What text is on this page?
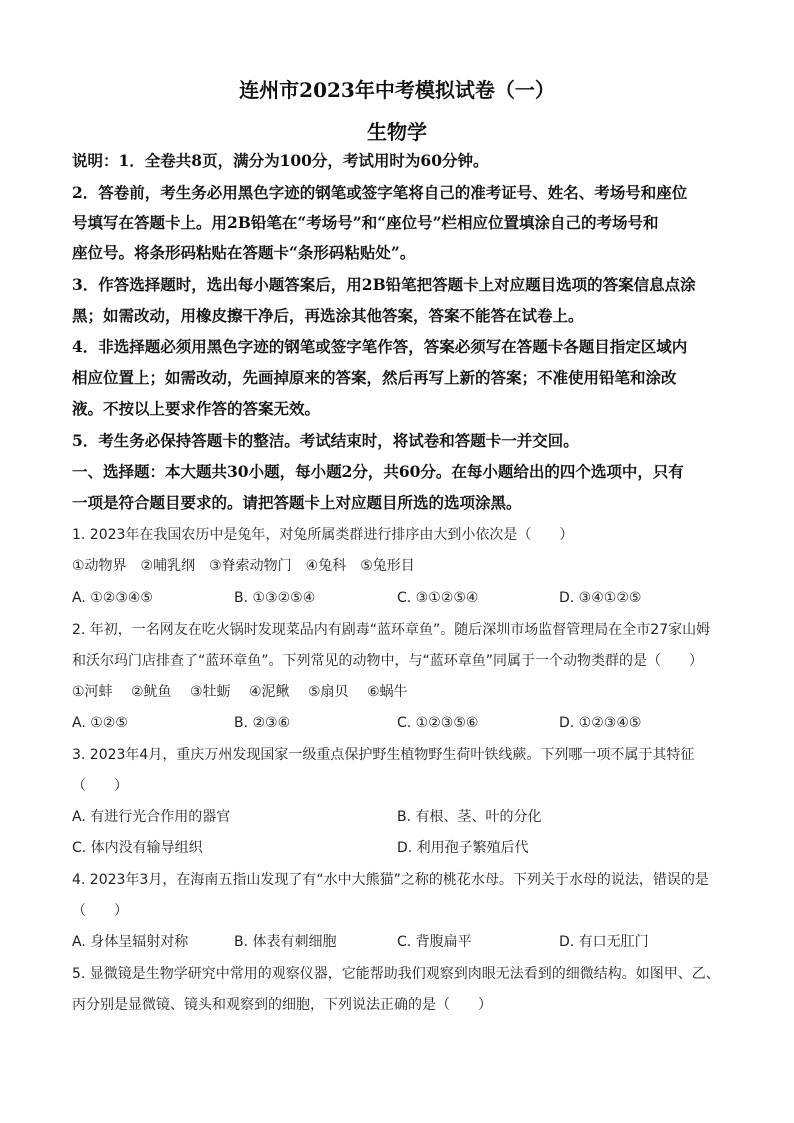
连州市2023年中考模拟试卷（一）
生物学
说明：1．全卷共8页，满分为100分，考试用时为60分钟。
2．答卷前，考生务必用黑色字迹的钢笔或签字笔将自己的准考证号、姓名、考场号和座位
号填写在答题卡上。用2B铅笔在“考场号”和“座位号”栏相应位置填涂自己的考场号和
座位号。将条形码粘贴在答题卡“条形码粘贴处”。
3．作答选择题时，选出每小题答案后，用2B铅笔把答题卡上对应题目选项的答案信息点涂
黑；如需改动，用橡皮擦干净后，再选涂其他答案，答案不能答在试卷上。
4．非选择题必须用黑色字迹的钢笔或签字笔作答，答案必须写在答题卡各题目指定区域内
相应位置上；如需改动，先画掉原来的答案，然后再写上新的答案；不准使用铅笔和涂改
液。不按以上要求作答的答案无效。
5．考生务必保持答题卡的整洁。考试结束时，将试卷和答题卡一并交回。
一、选择题：本大题共30小题，每小题2分，共60分。在每小题给出的四个选项中，只有
一项是符合题目要求的。请把答题卡上对应题目所选的选项涂黑。
1. 2023年在我国农历中是兔年，对兔所属类群进行排序由大到小依次是（　　）
①动物界　②哺乳纲　③脊索动物门　④兔科　⑤兔形目
A. ①②③④⑤	B. ①③②⑤④	C. ③①②⑤④	D. ③④①②⑤
2. 年初，一名网友在吃火锅时发现菜品内有剧毒“蓝环章鱼”。随后深圳市场监督管理局在全市27家山姆
和沃尔玛门店排查了“蓝环章鱼”。下列常见的动物中，与“蓝环章鱼”同属于一个动物类群的是（　　）
①河蚌　 ②鱿鱼　 ③牡蛎　 ④泥鳅　 ⑤扇贝　 ⑥蜗牛
A. ①②⑤	B. ②③⑥	C. ①②③⑤⑥	D. ①②③④⑤
3. 2023年4月，重庆万州发现国家一级重点保护野生植物野生荷叶铁线蕨。下列哪一项不属于其特征
（　　）
A. 有进行光合作用的器官	B. 有根、茎、叶的分化
C. 体内没有输导组织	D. 利用孢子繁殖后代
4. 2023年3月，在海南五指山发现了有“水中大熊猫”之称的桃花水母。下列关于水母的说法，错误的是
（　　）
A. 身体呈辐射对称	B. 体表有刺细胞	C. 背腹扁平	D. 有口无肛门
5. 显微镜是生物学研究中常用的观察仪器，它能帮助我们观察到肉眼无法看到的细微结构。如图甲、乙、
丙分别是显微镜、镜头和观察到的细胞，下列说法正确的是（　　）
